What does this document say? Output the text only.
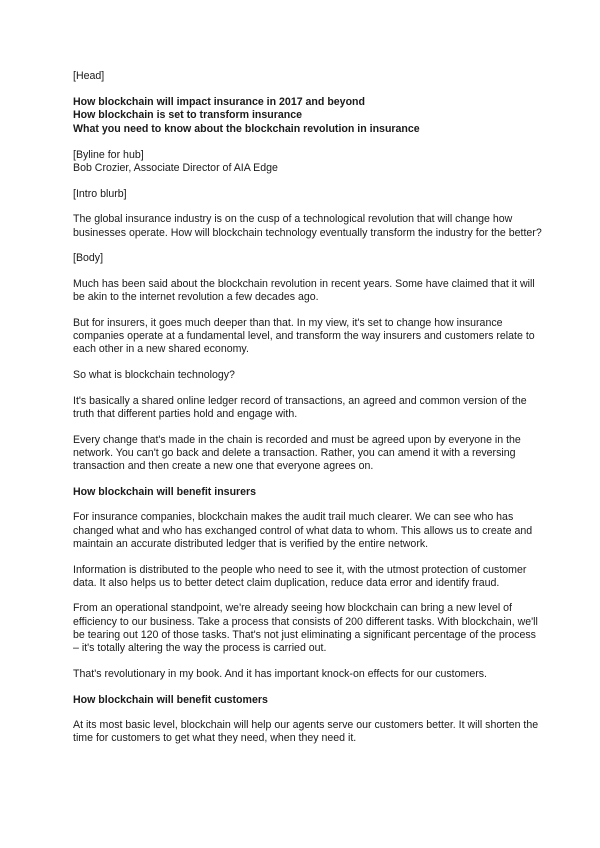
[Head]

How blockchain will impact insurance in 2017 and beyond

How blockchain is set to transform insurance

What you need to know about the blockchain revolution in insurance

[Byline for hub]

Bob Crozier, Associate Director of AIA Edge

[Intro blurb]

The global insurance industry is on the cusp of a technological revolution that will change how businesses operate. How will blockchain technology eventually transform the industry for the better?

[Body]

Much has been said about the blockchain revolution in recent years. Some have claimed that it will be akin to the internet revolution a few decades ago.

But for insurers, it goes much deeper than that. In my view, it's set to change how insurance companies operate at a fundamental level, and transform the way insurers and customers relate to each other in a new shared economy.

So what is blockchain technology?

It's basically a shared online ledger record of transactions, an agreed and common version of the truth that different parties hold and engage with.

Every change that's made in the chain is recorded and must be agreed upon by everyone in the network. You can't go back and delete a transaction. Rather, you can amend it with a reversing transaction and then create a new one that everyone agrees on.

How blockchain will benefit insurers

For insurance companies, blockchain makes the audit trail much clearer. We can see who has changed what and who has exchanged control of what data to whom. This allows us to create and maintain an accurate distributed ledger that is verified by the entire network.

Information is distributed to the people who need to see it, with the utmost protection of customer data. It also helps us to better detect claim duplication, reduce data error and identify fraud.

From an operational standpoint, we're already seeing how blockchain can bring a new level of efficiency to our business. Take a process that consists of 200 different tasks. With blockchain, we'll be tearing out 120 of those tasks. That's not just eliminating a significant percentage of the process – it's totally altering the way the process is carried out.

That's revolutionary in my book. And it has important knock-on effects for our customers.

How blockchain will benefit customers

At its most basic level, blockchain will help our agents serve our customers better. It will shorten the time for customers to get what they need, when they need it.
